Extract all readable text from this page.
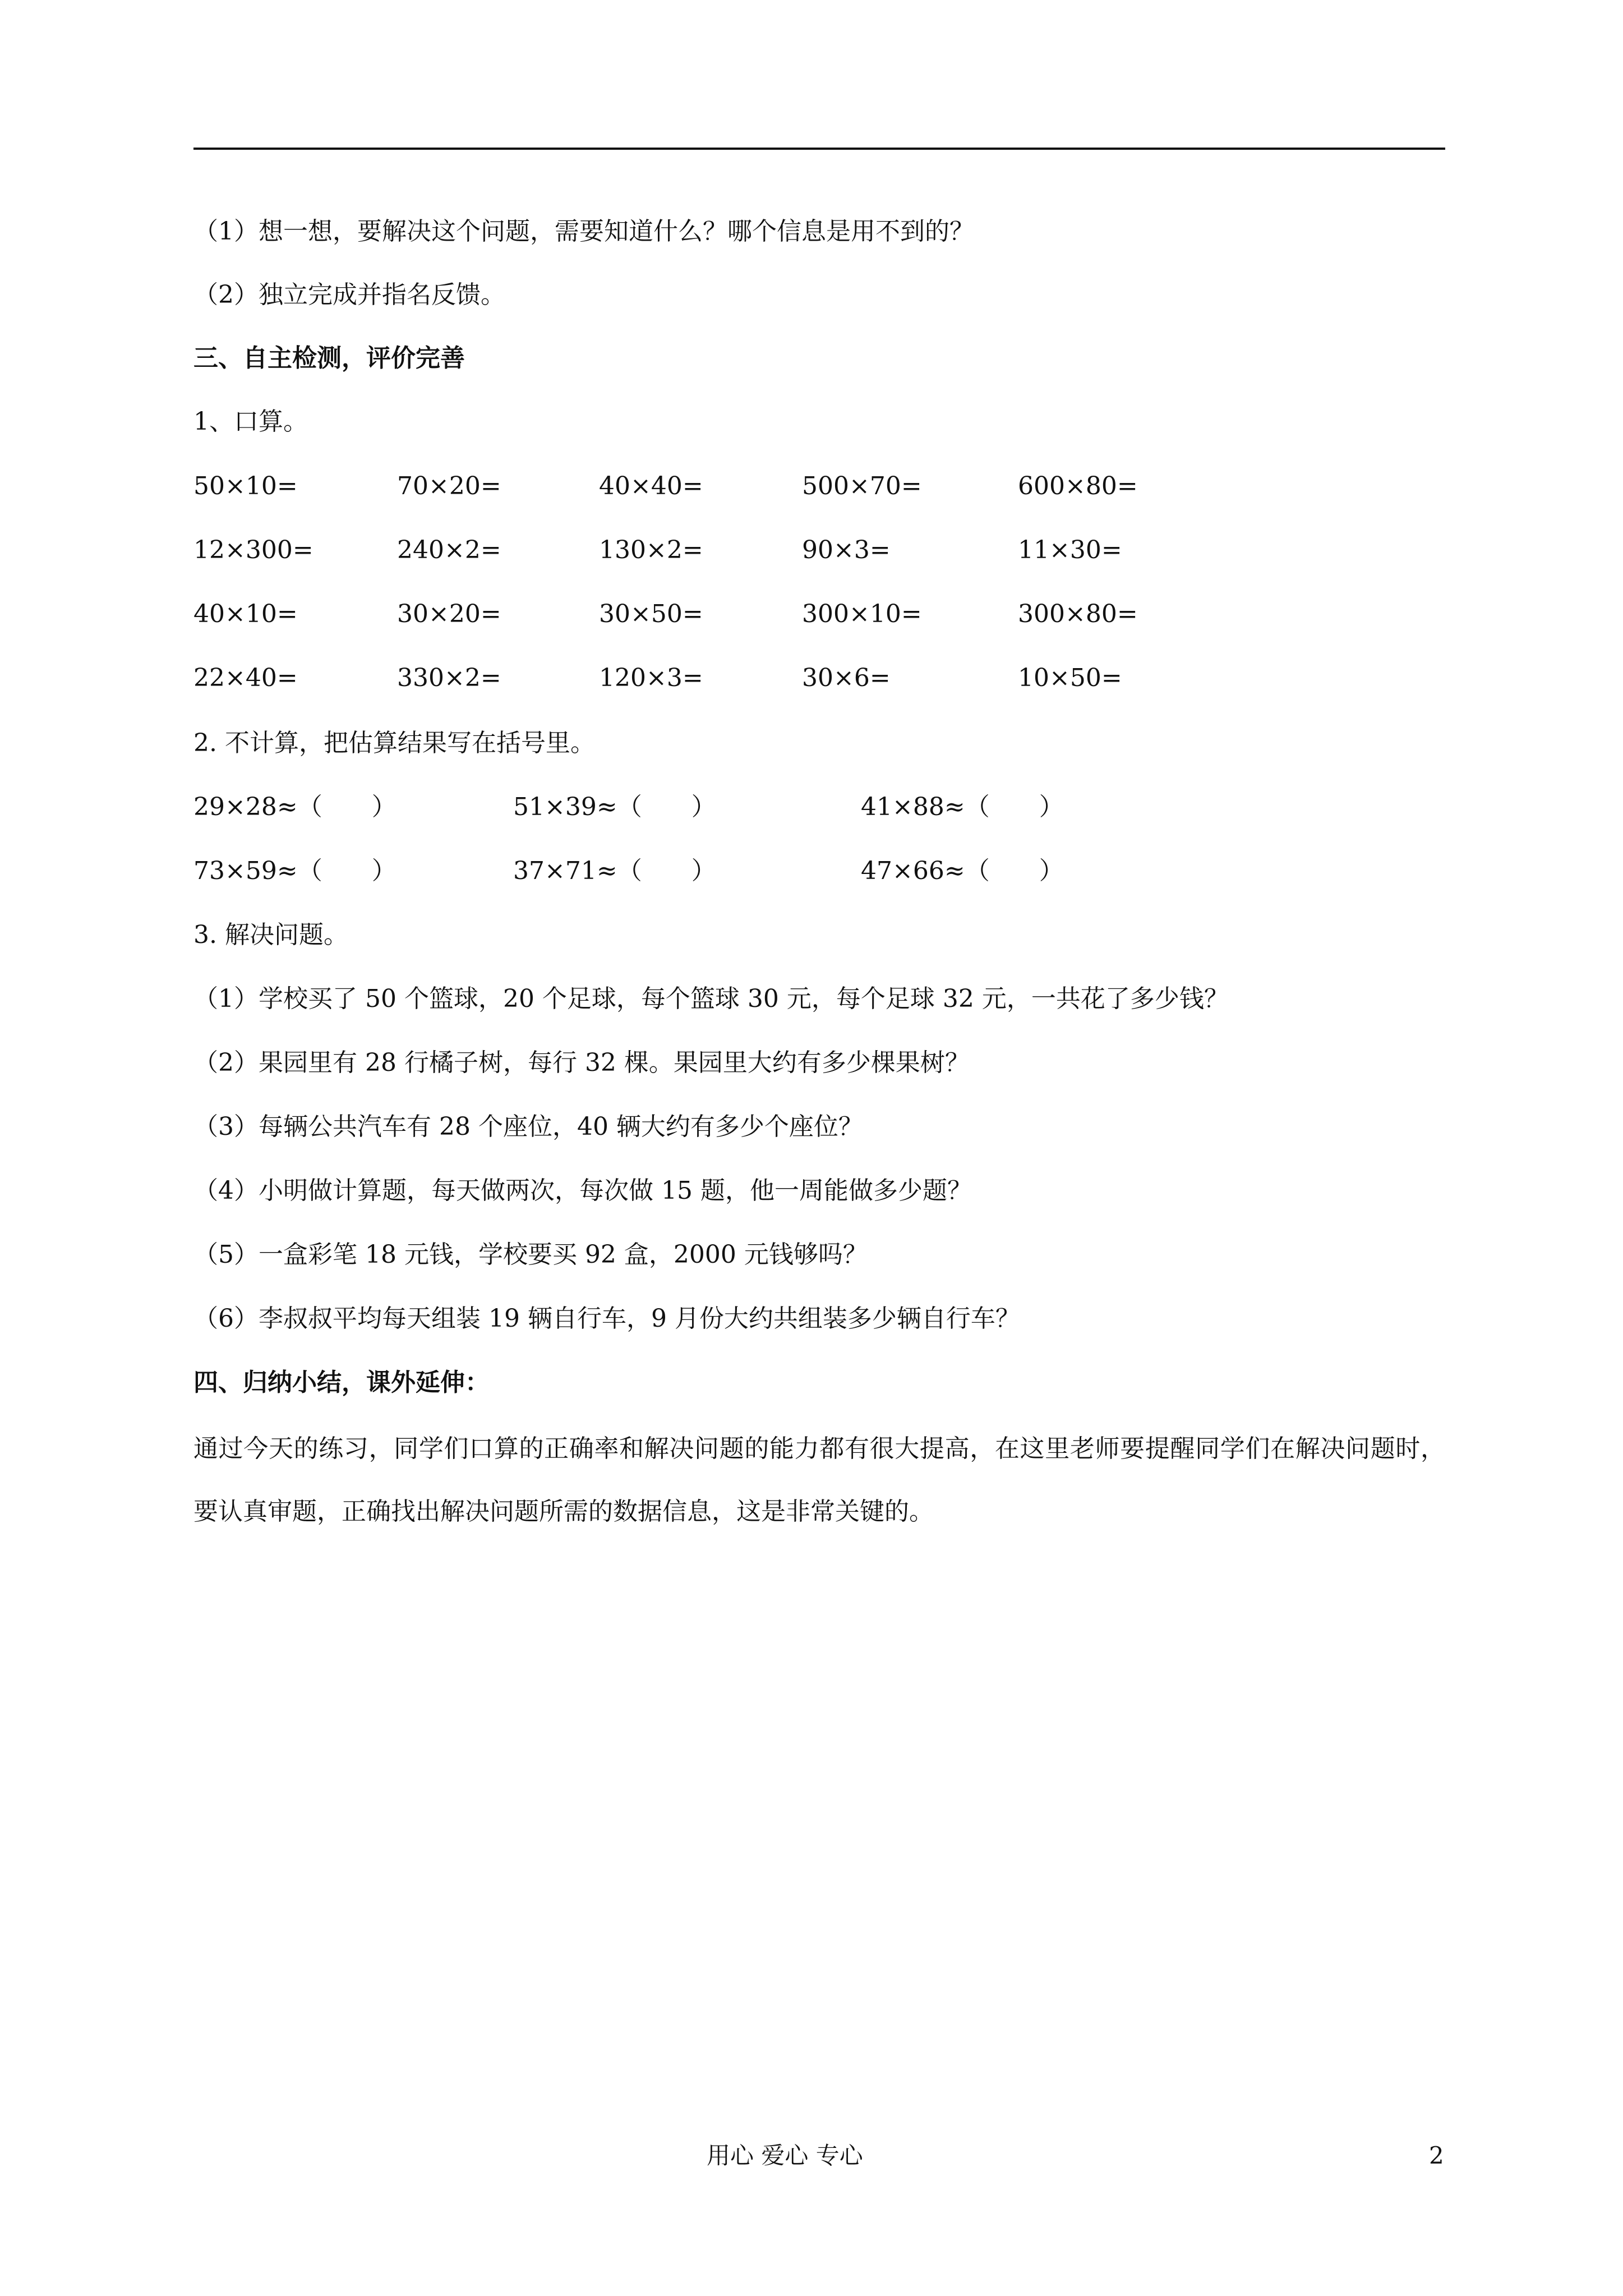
（1）想一想，要解决这个问题，需要知道什么？哪个信息是用不到的？
（2）独立完成并指名反馈。
三、自主检测，评价完善
1、口算。
50×10=	70×20=	40×40=	500×70=	600×80=
12×300=	240×2=	130×2=	90×3=	11×30=
40×10=	30×20=	30×50=	300×10=	300×80=
22×40=	330×2=	120×3=	30×6=	10×50=
2. 不计算，把估算结果写在括号里。
29×28≈（　　）	51×39≈（　　）	41×88≈（　　）
73×59≈（　　）	37×71≈（　　）	47×66≈（　　）
3. 解决问题。
（1）学校买了 50 个篮球，20 个足球，每个篮球 30 元，每个足球 32 元，一共花了多少钱？
（2）果园里有 28 行橘子树，每行 32 棵。果园里大约有多少棵果树？
（3）每辆公共汽车有 28 个座位，40 辆大约有多少个座位？
（4）小明做计算题，每天做两次，每次做 15 题，他一周能做多少题？
（5）一盒彩笔 18 元钱，学校要买 92 盒，2000 元钱够吗？
（6）李叔叔平均每天组装 19 辆自行车，9 月份大约共组装多少辆自行车？
四、归纳小结，课外延伸：
通过今天的练习，同学们口算的正确率和解决问题的能力都有很大提高，在这里老师要提醒同学们在解决问题时，要认真审题，正确找出解决问题所需的数据信息，这是非常关键的。
用心 爱心 专心	2
